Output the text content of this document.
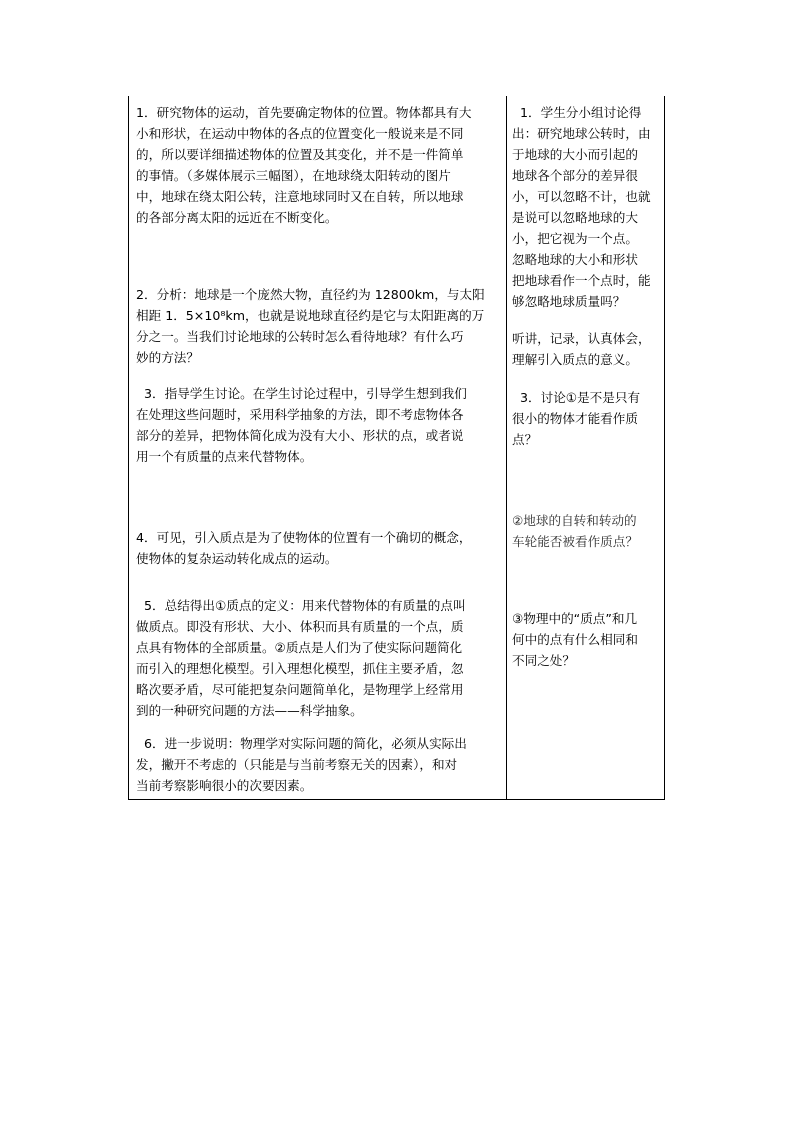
1．研究物体的运动，首先要确定物体的位置。物体都具有大
小和形状，在运动中物体的各点的位置变化一般说来是不同
的，所以要详细描述物体的位置及其变化，并不是一件简单
的事情。（多媒体展示三幅图），在地球绕太阳转动的图片
中，地球在绕太阳公转，注意地球同时又在自转，所以地球
的各部分离太阳的远近在不断变化。

2．分析：地球是一个庞然大物，直径约为 12800km，与太阳
相距 1．5×10⁸km，也就是说地球直径约是它与太阳距离的万
分之一。当我们讨论地球的公转时怎么看待地球？有什么巧
妙的方法？

3．指导学生讨论。在学生讨论过程中，引导学生想到我们
在处理这些问题时，采用科学抽象的方法，即不考虑物体各
部分的差异，把物体简化成为没有大小、形状的点，或者说
用一个有质量的点来代替物体。

4．可见，引入质点是为了使物体的位置有一个确切的概念，
使物体的复杂运动转化成点的运动。

5．总结得出①质点的定义：用来代替物体的有质量的点叫
做质点。即没有形状、大小、体积而具有质量的一个点，质
点具有物体的全部质量。②质点是人们为了使实际问题简化
而引入的理想化模型。引入理想化模型，抓住主要矛盾，忽
略次要矛盾，尽可能把复杂问题简单化，是物理学上经常用
到的一种研究问题的方法——科学抽象。

6．进一步说明：物理学对实际问题的简化，必须从实际出
发，撇开不考虑的（只能是与当前考察无关的因素），和对
当前考察影响很小的次要因素。

1．学生分小组讨论得
出：研究地球公转时，由
于地球的大小而引起的
地球各个部分的差异很
小，可以忽略不计，也就
是说可以忽略地球的大
小，把它视为一个点。
忽略地球的大小和形状
把地球看作一个点时，能
够忽略地球质量吗？

听讲，记录，认真体会，
理解引入质点的意义。

3．讨论①是不是只有
很小的物体才能看作质
点？

②地球的自转和转动的
车轮能否被看作质点？

③物理中的“质点”和几
何中的点有什么相同和
不同之处？
